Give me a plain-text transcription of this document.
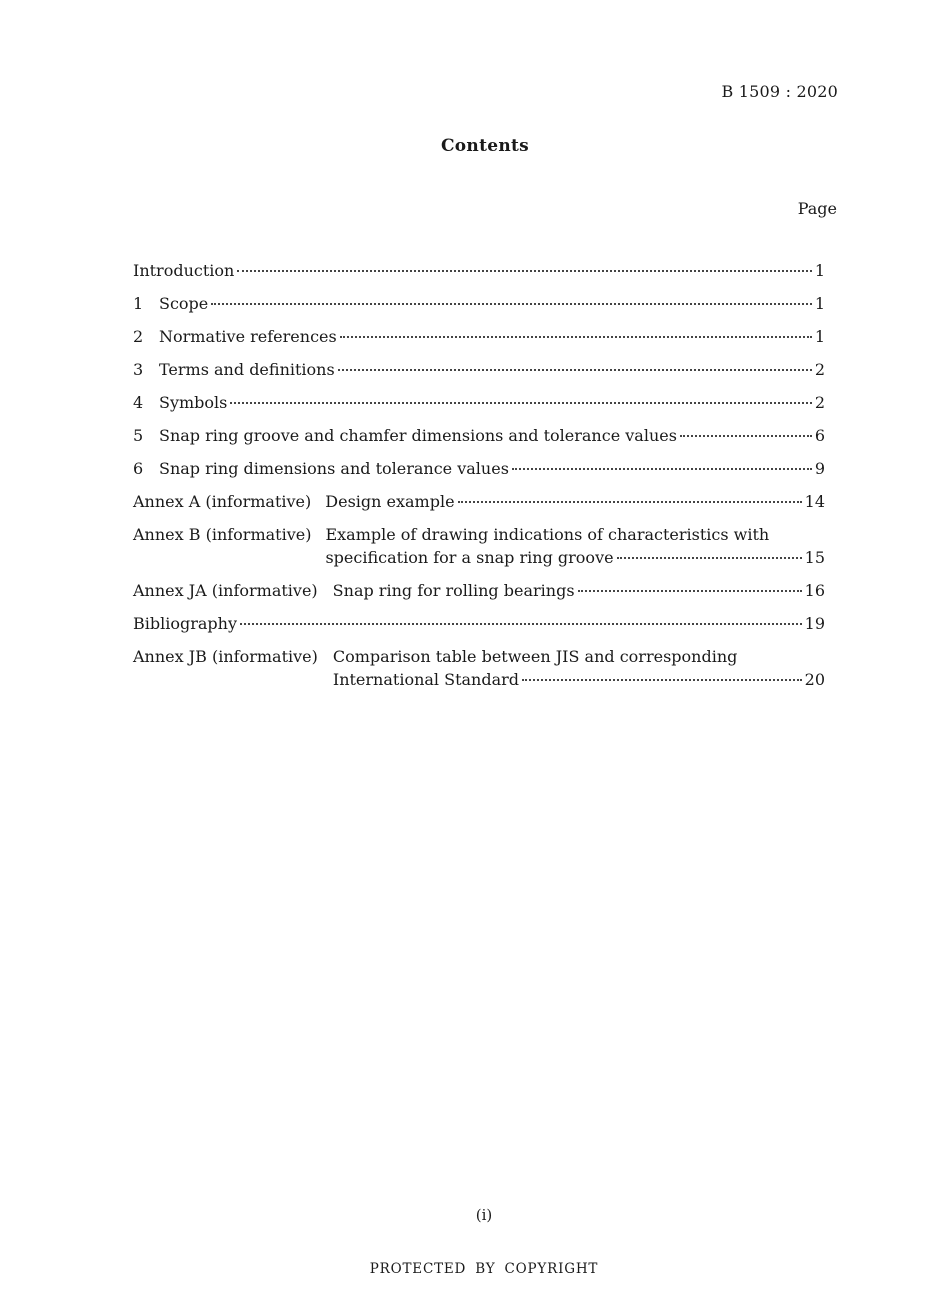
B 1509 : 2020
Contents
Page
Introduction	1
1 Scope	1
2 Normative references	1
3 Terms and definitions	2
4 Symbols	2
5 Snap ring groove and chamfer dimensions and tolerance values	6
6 Snap ring dimensions and tolerance values	9
Annex A (informative) Design example	14
Annex B (informative) Example of drawing indications of characteristics with
specification for a snap ring groove	15
Annex JA (informative) Snap ring for rolling bearings	16
Bibliography	19
Annex JB (informative) Comparison table between JIS and corresponding
International Standard	20
(i)
PROTECTED BY COPYRIGHT
